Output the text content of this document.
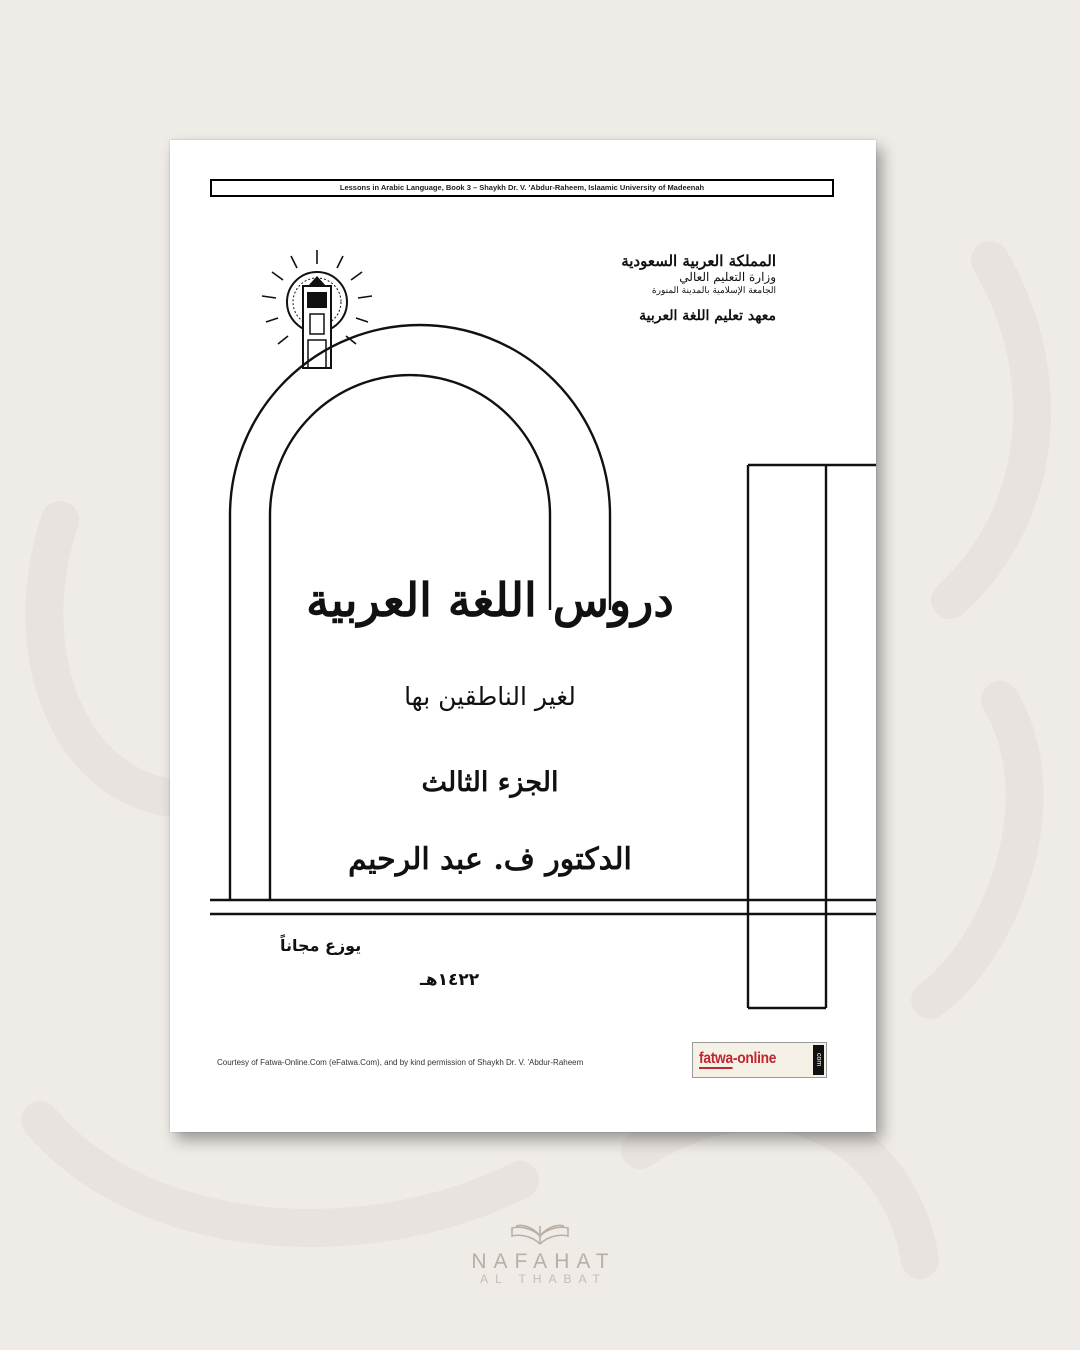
Lessons in Arabic Language, Book 3 – Shaykh Dr. V. 'Abdur-Raheem, Islaamic University of Madeenah
المملكة العربية السعودية
وزارة التعليم العالي
الجامعة الإسلامية بالمدينة المنورة
معهد تعليم اللغة العربية
دروس اللغة العربية
لغير الناطقين بها
الجزء الثالث
الدكتور ف. عبد الرحيم
يوزع مجاناً
١٤٢٢هـ
Courtesy of Fatwa-Online.Com (eFatwa.Com), and by kind permission of Shaykh Dr. V. 'Abdur-Raheem	fatwa-online	com
NAFAHAT
AL THABAT
